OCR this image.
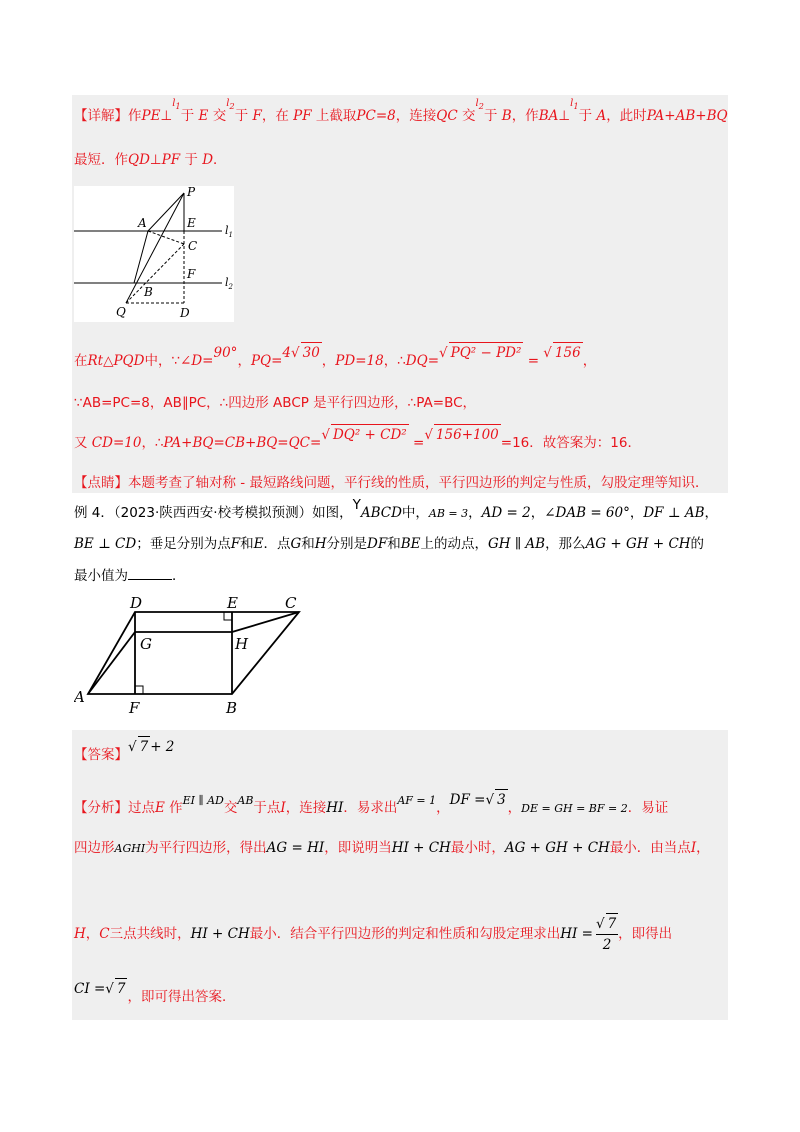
【详解】作PE⊥$^{l_1}$于 E 交$^{l_2}$于 F，在 PF 上截取PC=8，连接QC 交$^{l_2}$于 B，作BA⊥$^{l_1}$于 A，此时PA+AB+BQ
最短．作QD⊥PF 于 D．
P
A	E
C
F
B
Q	D
$l_1$
$l_2$
在Rt△PQD中，∵∠D=90°，PQ=4√ 30 ，PD=18，∴DQ=√ PQ² − PD² = √ 156 ，
∵AB=PC=8，AB∥PC，∴四边形 ABCP 是平行四边形，∴PA=BC，
又 CD=10，∴PA+BQ=CB+BQ=QC=√ DQ² + CD² =√ 156+100 =16．故答案为：16．
【点睛】本题考查了轴对称 - 最短路线问题，平行线的性质，平行四边形的判定与性质，勾股定理等知识．
例 4．（2023·陕西西安·校考模拟预测）如图，YABCD中，AB = 3，AD = 2，∠DAB = 60°，DF ⊥ AB，
BE ⊥ CD；垂足分别为点F和E．点G和H分别是DF和BE上的动点，GH ∥ AB，那么AG + GH + CH的
最小值为	．
D	E	C
G	H
A
F	B
【答案】√ 7 + 2
【分析】过点E 作$^{EI \parallel AD}$交$^{AB}$于点I，连接HI．易求出$^{AF = 1}$，DF =√ 3 ，DE = GH = BF = 2．易证
四边形AGHI为平行四边形，得出AG = HI，即说明当HI + CH最小时，AG + GH + CH最小．由当点I，
H，C三点共线时，HI + CH最小．结合平行四边形的判定和性质和勾股定理求出HI = $\frac{√ 7}{2}$ ，即得出
CI =√ 7 ，即可得出答案．
